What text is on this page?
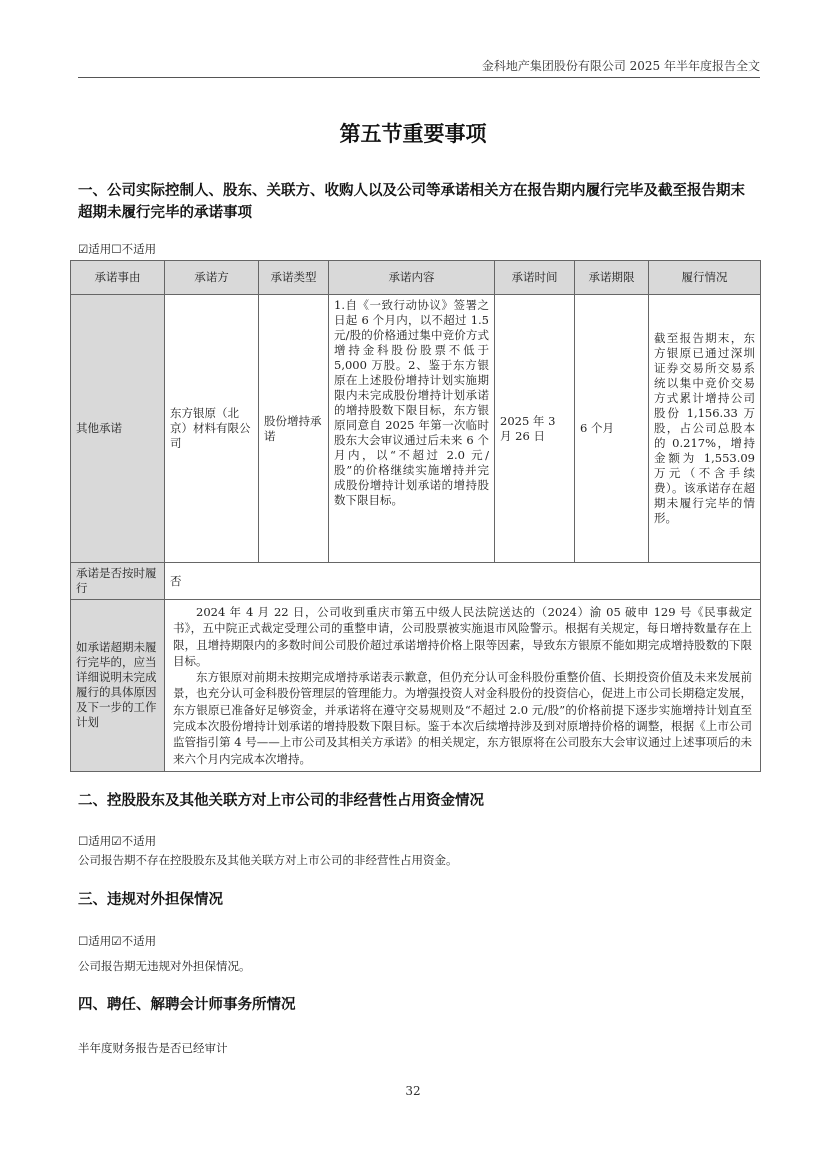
金科地产集团股份有限公司 2025 年半年度报告全文
第五节重要事项
一、公司实际控制人、股东、关联方、收购人以及公司等承诺相关方在报告期内履行完毕及截至报告期末超期未履行完毕的承诺事项
☑适用☐不适用
承诺事由	承诺方	承诺类型	承诺内容	承诺时间	承诺期限	履行情况
其他承诺	东方银原（北京）材料有限公司	股份增持承诺	1.自《一致行动协议》签署之日起 6 个月内，以不超过 1.5 元/股的价格通过集中竞价方式增持金科股份股票不低于 5,000 万股。2、鉴于东方银原在上述股份增持计划实施期限内未完成股份增持计划承诺的增持股数下限目标，东方银原同意自 2025 年第一次临时股东大会审议通过后未来 6 个月内，以“不超过 2.0 元/股”的价格继续实施增持并完成股份增持计划承诺的增持股数下限目标。	2025 年 3 月 26 日	6 个月	截至报告期末，东方银原已通过深圳证券交易所交易系统以集中竞价交易方式累计增持公司股份 1,156.33 万股，占公司总股本的 0.217%，增持金额为 1,553.09 万元（不含手续费）。该承诺存在超期未履行完毕的情形。
承诺是否按时履行	否					
如承诺超期未履行完毕的，应当详细说明未完成履行的具体原因及下一步的工作计划	2024 年 4 月 22 日，公司收到重庆市第五中级人民法院送达的（2024）渝 05 破申 129 号《民事裁定书》，五中院正式裁定受理公司的重整申请，公司股票被实施退市风险警示。根据有关规定，每日增持数量存在上限，且增持期限内的多数时间公司股价超过承诺增持价格上限等因素，导致东方银原不能如期完成增持股数的下限目标。

东方银原对前期未按期完成增持承诺表示歉意，但仍充分认可金科股份重整价值、长期投资价值及未来发展前景，也充分认可金科股份管理层的管理能力。为增强投资人对金科股份的投资信心，促进上市公司长期稳定发展，东方银原已准备好足够资金，并承诺将在遵守交易规则及“不超过 2.0 元/股”的价格前提下逐步实施增持计划直至完成本次股份增持计划承诺的增持股数下限目标。鉴于本次后续增持涉及到对原增持价格的调整，根据《上市公司监管指引第 4 号——上市公司及其相关方承诺》的相关规定，东方银原将在公司股东大会审议通过上述事项后的未来六个月内完成本次增持。					

二、控股股东及其他关联方对上市公司的非经营性占用资金情况
☐适用☑不适用
公司报告期不存在控股股东及其他关联方对上市公司的非经营性占用资金。
三、违规对外担保情况
☐适用☑不适用
公司报告期无违规对外担保情况。
四、聘任、解聘会计师事务所情况
半年度财务报告是否已经审计
32
